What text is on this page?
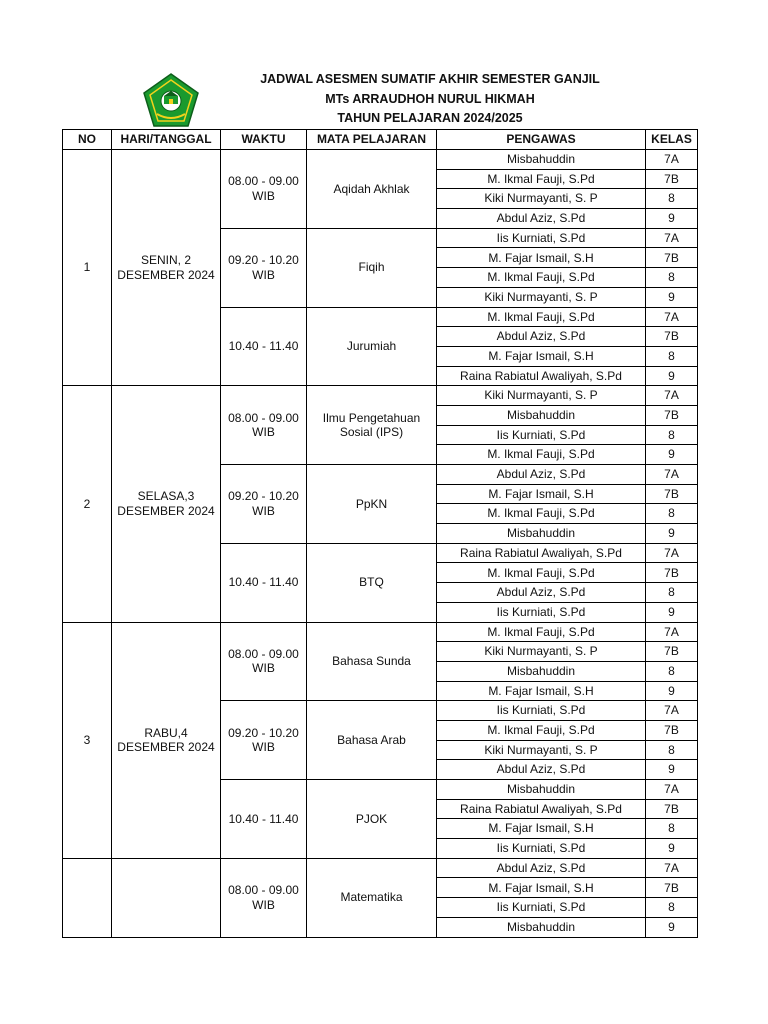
JADWAL ASESMEN SUMATIF AKHIR SEMESTER GANJIL
MTs ARRAUDHOH NURUL HIKMAH
TAHUN PELAJARAN 2024/2025
NO	HARI/TANGGAL	WAKTU	MATA PELAJARAN	PENGAWAS	KELAS
1	SENIN, 2 DESEMBER 2024	08.00 - 09.00 WIB	Aqidah Akhlak	Misbahuddin	7A
				M. Ikmal Fauji, S.Pd	7B
				Kiki Nurmayanti, S. P	8
				Abdul Aziz, S.Pd	9
		09.20 - 10.20 WIB	Fiqih	Iis Kurniati, S.Pd	7A
				M. Fajar Ismail, S.H	7B
				M. Ikmal Fauji, S.Pd	8
				Kiki Nurmayanti, S. P	9
		10.40 - 11.40	Jurumiah	M. Ikmal Fauji, S.Pd	7A
				Abdul Aziz, S.Pd	7B
				M. Fajar Ismail, S.H	8
				Raina Rabiatul Awaliyah, S.Pd	9
2	SELASA,3 DESEMBER 2024	08.00 - 09.00 WIB	Ilmu Pengetahuan Sosial (IPS)	Kiki Nurmayanti, S. P	7A
				Misbahuddin	7B
				Iis Kurniati, S.Pd	8
				M. Ikmal Fauji, S.Pd	9
		09.20 - 10.20 WIB	PpKN	Abdul Aziz, S.Pd	7A
				M. Fajar Ismail, S.H	7B
				M. Ikmal Fauji, S.Pd	8
				Misbahuddin	9
		10.40 - 11.40	BTQ	Raina Rabiatul Awaliyah, S.Pd	7A
				M. Ikmal Fauji, S.Pd	7B
				Abdul Aziz, S.Pd	8
				Iis Kurniati, S.Pd	9
3	RABU,4 DESEMBER 2024	08.00 - 09.00 WIB	Bahasa Sunda	M. Ikmal Fauji, S.Pd	7A
				Kiki Nurmayanti, S. P	7B
				Misbahuddin	8
				M. Fajar Ismail, S.H	9
		09.20 - 10.20 WIB	Bahasa Arab	Iis Kurniati, S.Pd	7A
				M. Ikmal Fauji, S.Pd	7B
				Kiki Nurmayanti, S. P	8
				Abdul Aziz, S.Pd	9
		10.40 - 11.40	PJOK	Misbahuddin	7A
				Raina Rabiatul Awaliyah, S.Pd	7B
				M. Fajar Ismail, S.H	8
				Iis Kurniati, S.Pd	9
		08.00 - 09.00 WIB	Matematika	Abdul Aziz, S.Pd	7A
				M. Fajar Ismail, S.H	7B
				Iis Kurniati, S.Pd	8
				Misbahuddin	9
